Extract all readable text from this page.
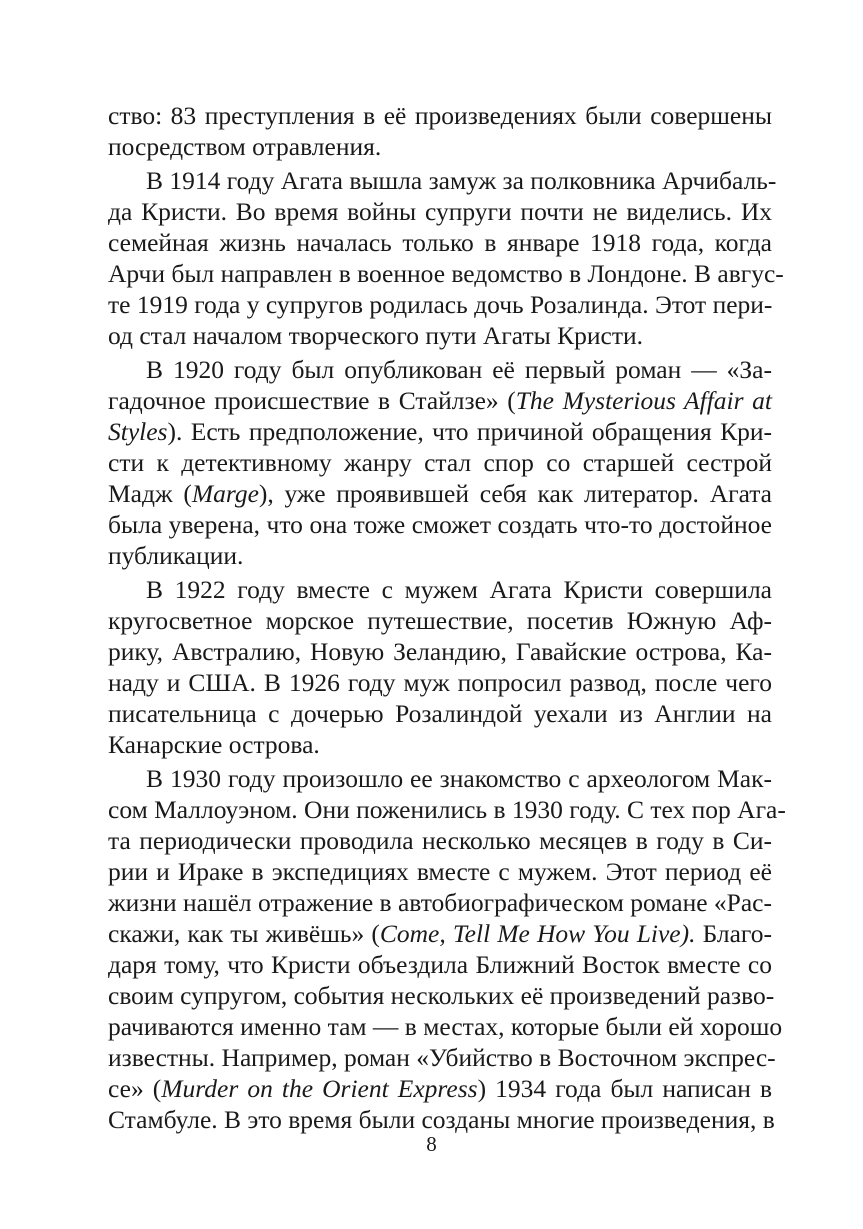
ство: 83 преступления в её произведениях были совершены
посредством отравления.
В 1914 году Агата вышла замуж за полковника Арчибаль-
да Кристи. Во время войны супруги почти не виделись. Их
семейная жизнь началась только в январе 1918 года, когда
Арчи был направлен в военное ведомство в Лондоне. В авгус-
те 1919 года у супругов родилась дочь Розалинда. Этот пери-
од стал началом творческого пути Агаты Кристи.
В 1920 году был опубликован её первый роман — «За-
гадочное происшествие в Стайлзе» (The Mysterious Affair at
Styles). Есть предположение, что причиной обращения Кри-
сти к детективному жанру стал спор со старшей сестрой
Мадж (Marge), уже проявившей себя как литератор. Агата
была уверена, что она тоже сможет создать что-то достойное
публикации.
В 1922 году вместе с мужем Агата Кристи совершила
кругосветное морское путешествие, посетив Южную Аф-
рику, Австралию, Новую Зеландию, Гавайские острова, Ка-
наду и США. В 1926 году муж попросил развод, после чего
писательница с дочерью Розалиндой уехали из Англии на
Канарские острова.
В 1930 году произошло ее знакомство с археологом Мак-
сом Маллоуэном. Они поженились в 1930 году. С тех пор Ага-
та периодически проводила несколько месяцев в году в Си-
рии и Ираке в экспедициях вместе с мужем. Этот период её
жизни нашёл отражение в автобиографическом романе «Рас-
скажи, как ты живёшь» (Come, Tell Me How You Live). Благо-
даря тому, что Кристи объездила Ближний Восток вместе со
своим супругом, события нескольких её произведений разво-
рачиваются именно там — в местах, которые были ей хорошо
известны. Например, роман «Убийство в Восточном экспрес-
се» (Murder on the Orient Express) 1934 года был написан в
Стамбуле. В это время были созданы многие произведения, в
8
